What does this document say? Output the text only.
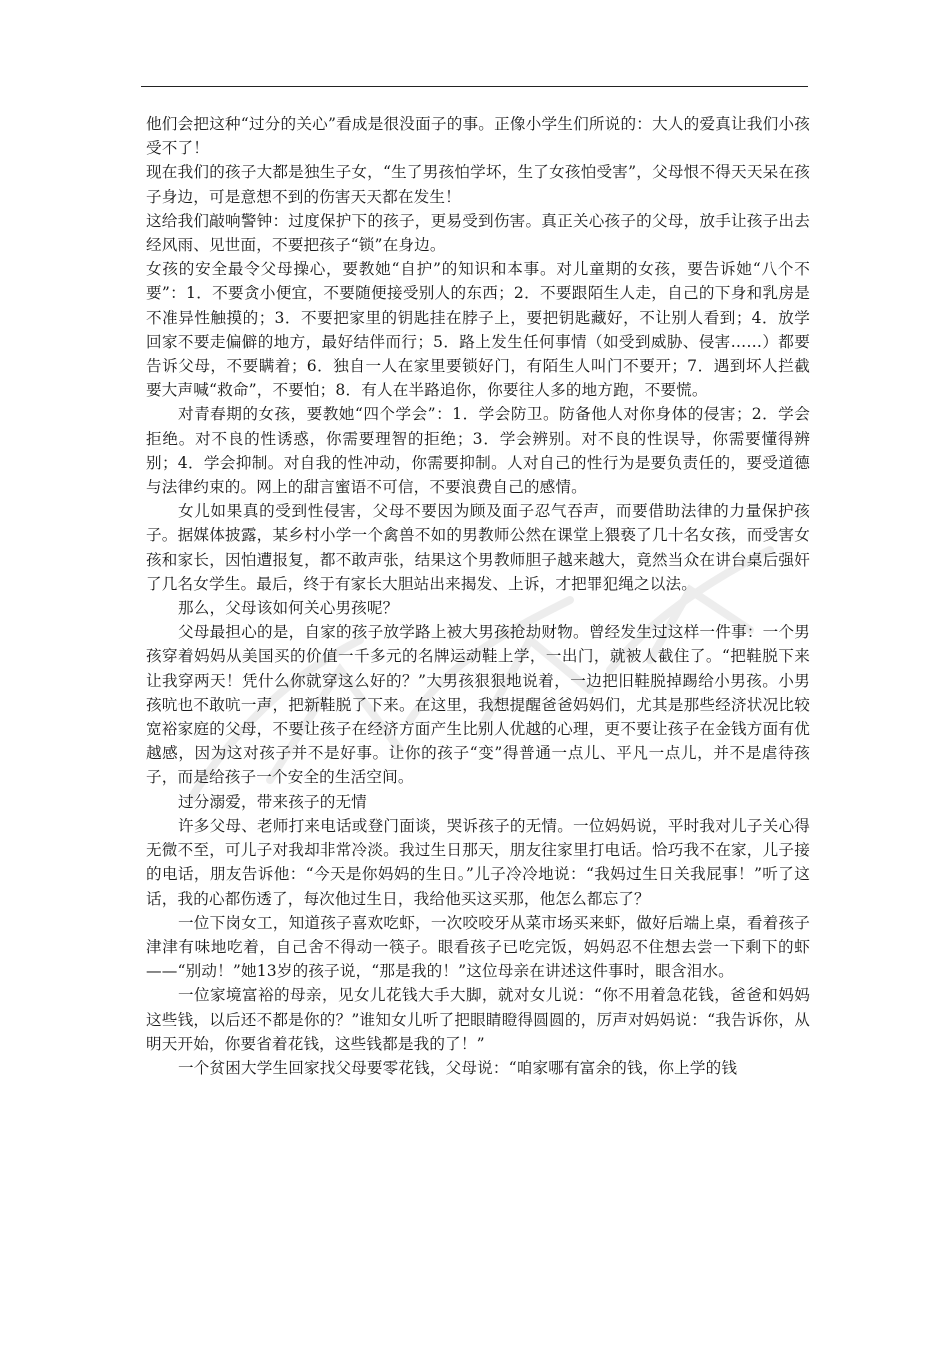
他们会把这种“过分的关心”看成是很没面子的事。正像小学生们所说的：大人的爱真让我们小孩受不了！

现在我们的孩子大都是独生子女，“生了男孩怕学坏，生了女孩怕受害”，父母恨不得天天呆在孩子身边，可是意想不到的伤害天天都在发生！

这给我们敲响警钟：过度保护下的孩子，更易受到伤害。真正关心孩子的父母，放手让孩子出去经风雨、见世面，不要把孩子“锁”在身边。

女孩的安全最令父母操心，要教她“自护”的知识和本事。对儿童期的女孩，要告诉她“八个不要”：1．不要贪小便宜，不要随便接受别人的东西；2．不要跟陌生人走，自己的下身和乳房是不准异性触摸的；3．不要把家里的钥匙挂在脖子上，要把钥匙藏好，不让别人看到；4．放学回家不要走偏僻的地方，最好结伴而行；5．路上发生任何事情（如受到威胁、侵害……）都要告诉父母，不要瞒着；6．独自一人在家里要锁好门，有陌生人叫门不要开；7．遇到坏人拦截要大声喊“救命”，不要怕；8．有人在半路追你，你要往人多的地方跑，不要慌。

对青春期的女孩，要教她“四个学会”：1．学会防卫。防备他人对你身体的侵害；2．学会拒绝。对不良的性诱惑，你需要理智的拒绝；3．学会辨别。对不良的性误导，你需要懂得辨别；4．学会抑制。对自我的性冲动，你需要抑制。人对自己的性行为是要负责任的，要受道德与法律约束的。网上的甜言蜜语不可信，不要浪费自己的感情。

女儿如果真的受到性侵害，父母不要因为顾及面子忍气吞声，而要借助法律的力量保护孩子。据媒体披露，某乡村小学一个禽兽不如的男教师公然在课堂上猥亵了几十名女孩，而受害女孩和家长，因怕遭报复，都不敢声张，结果这个男教师胆子越来越大，竟然当众在讲台桌后强奸了几名女学生。最后，终于有家长大胆站出来揭发、上诉，才把罪犯绳之以法。

那么，父母该如何关心男孩呢？

父母最担心的是，自家的孩子放学路上被大男孩抢劫财物。曾经发生过这样一件事：一个男孩穿着妈妈从美国买的价值一千多元的名牌运动鞋上学，一出门，就被人截住了。“把鞋脱下来让我穿两天！凭什么你就穿这么好的？”大男孩狠狠地说着，一边把旧鞋脱掉踢给小男孩。小男孩吭也不敢吭一声，把新鞋脱了下来。在这里，我想提醒爸爸妈妈们，尤其是那些经济状况比较宽裕家庭的父母，不要让孩子在经济方面产生比别人优越的心理，更不要让孩子在金钱方面有优越感，因为这对孩子并不是好事。让你的孩子“变”得普通一点儿、平凡一点儿，并不是虐待孩子，而是给孩子一个安全的生活空间。

过分溺爱，带来孩子的无情

许多父母、老师打来电话或登门面谈，哭诉孩子的无情。一位妈妈说，平时我对儿子关心得无微不至，可儿子对我却非常冷淡。我过生日那天，朋友往家里打电话。恰巧我不在家，儿子接的电话，朋友告诉他：“今天是你妈妈的生日。”儿子冷冷地说：“我妈过生日关我屁事！”听了这话，我的心都伤透了，每次他过生日，我给他买这买那，他怎么都忘了？

一位下岗女工，知道孩子喜欢吃虾，一次咬咬牙从菜市场买来虾，做好后端上桌，看着孩子津津有味地吃着，自己舍不得动一筷子。眼看孩子已吃完饭，妈妈忍不住想去尝一下剩下的虾——“别动！”她13岁的孩子说，“那是我的！”这位母亲在讲述这件事时，眼含泪水。

一位家境富裕的母亲，见女儿花钱大手大脚，就对女儿说：“你不用着急花钱，爸爸和妈妈这些钱，以后还不都是你的？”谁知女儿听了把眼睛瞪得圆圆的，厉声对妈妈说：“我告诉你，从明天开始，你要省着花钱，这些钱都是我的了！”

一个贫困大学生回家找父母要零花钱，父母说：“咱家哪有富余的钱，你上学的钱
